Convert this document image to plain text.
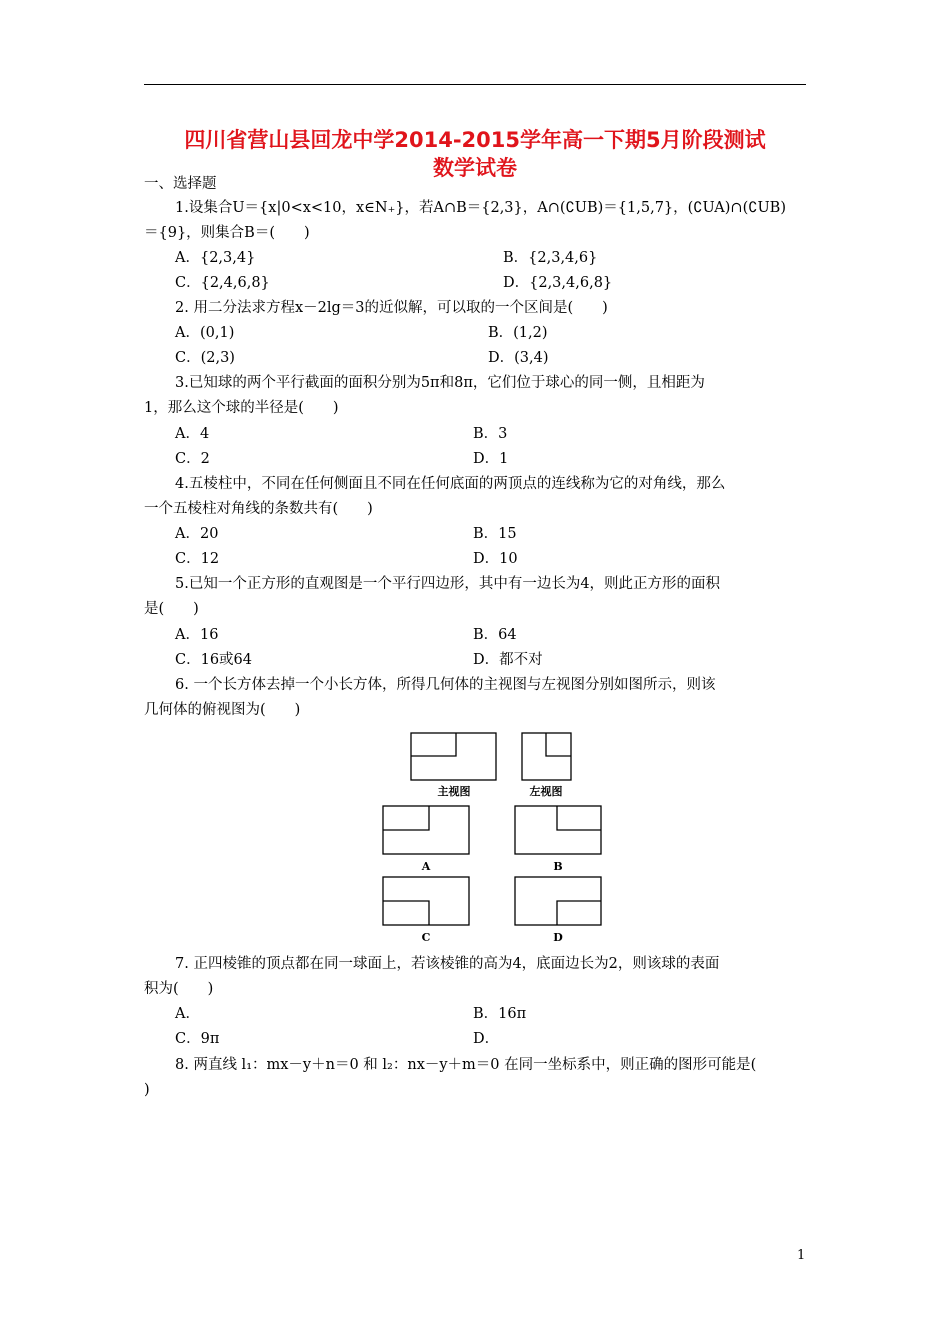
四川省营山县回龙中学2014-2015学年高一下期5月阶段测试
数学试卷
一、选择题
1.设集合U＝{x|0<x<10，x∈N₊}，若A∩B＝{2,3}，A∩(∁UB)＝{1,5,7}，(∁UA)∩(∁UB)
＝{9}，则集合B＝(　　)
A．{2,3,4}	B．{2,3,4,6}
C．{2,4,6,8}	D．{2,3,4,6,8}
2. 用二分法求方程x－2lg＝3的近似解，可以取的一个区间是(　　)
A．(0,1)	B．(1,2)
C．(2,3)	D．(3,4)
3.已知球的两个平行截面的面积分别为5π和8π，它们位于球心的同一侧，且相距为
1，那么这个球的半径是(　　)
A．4	B．3
C．2	D．1
4.五棱柱中，不同在任何侧面且不同在任何底面的两顶点的连线称为它的对角线，那么
一个五棱柱对角线的条数共有(　　)
A．20	B．15
C．12	D．10
5.已知一个正方形的直观图是一个平行四边形，其中有一边长为4，则此正方形的面积
是(　　)
A．16	B．64
C．16或64	D．都不对
6. 一个长方体去掉一个小长方体，所得几何体的主视图与左视图分别如图所示，则该
几何体的俯视图为(　　)
主视图	左视图
A	B
C	D
7. 正四棱锥的顶点都在同一球面上，若该棱锥的高为4，底面边长为2，则该球的表面
积为(　　)
A．	B．16π
C．9π	D．
8. 两直线 l₁：mx－y＋n＝0 和 l₂：nx－y＋m＝0 在同一坐标系中，则正确的图形可能是(
)
1
